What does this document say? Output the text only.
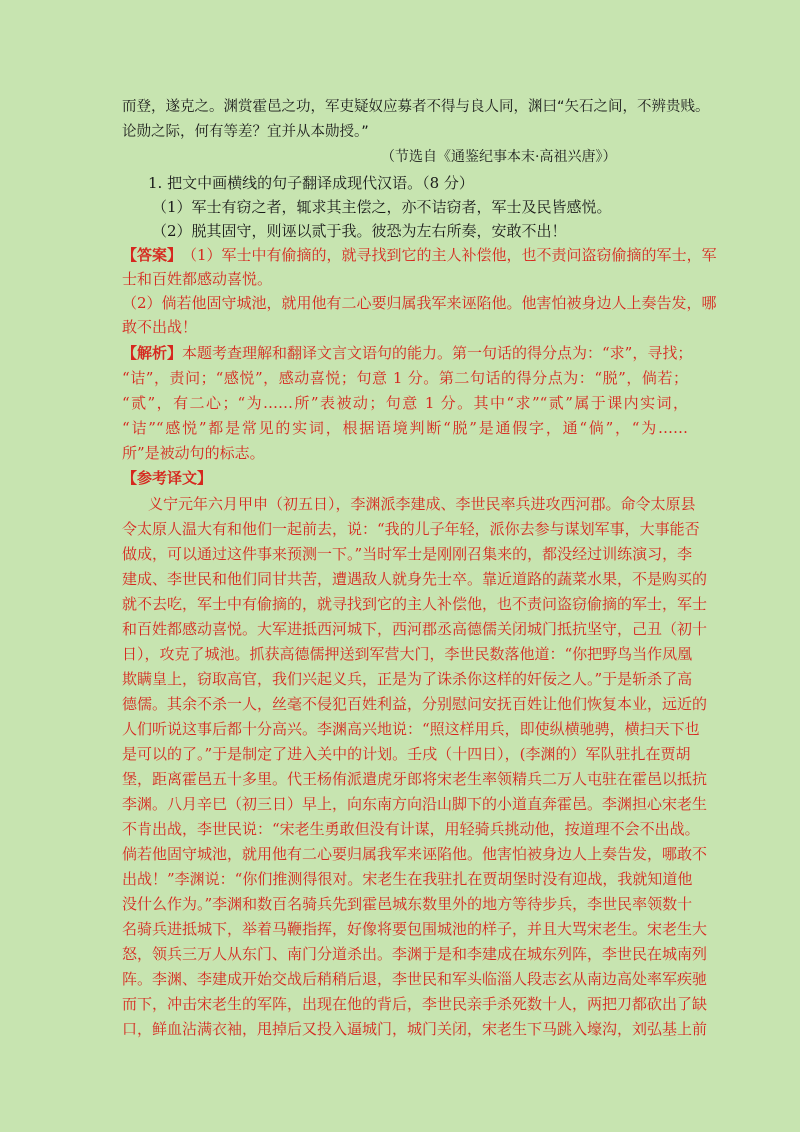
而登，遂克之。渊赏霍邑之功，军吏疑奴应募者不得与良人同，渊曰“矢石之间，不辨贵贱。
论勋之际，何有等差？宜并从本勋授。”
（节选自《通鉴纪事本末·高祖兴唐》）
1. 把文中画横线的句子翻译成现代汉语。（8 分）
（1）军士有窃之者，辄求其主偿之，亦不诘窃者，军士及民皆感悦。
（2）脱其固守，则诬以贰于我。彼恐为左右所奏，安敢不出！
【答案】 （1）军士中有偷摘的，就寻找到它的主人补偿他，也不责问盗窃偷摘的军士，军
士和百姓都感动喜悦。
（2）倘若他固守城池，就用他有二心要归属我军来诬陷他。他害怕被身边人上奏告发，哪
敢不出战！
【解析】 本题考查理解和翻译文言文语句的能力。第一句话的得分点为：“求”，寻找；
“诘”，责问；“感悦”，感动喜悦；句意 1 分。第二句话的得分点为：“脱”，倘若；
“贰”，有二心；“为……所”表被动；句意 1 分。其中“求”“贰”属于课内实词，
“诘”“感悦”都是常见的实词，根据语境判断“脱”是通假字，通“倘”，“为……
所”是被动句的标志。
【参考译文】
义宁元年六月甲申（初五日），李渊派李建成、李世民率兵进攻西河郡。命令太原县
令太原人温大有和他们一起前去，说：“我的儿子年轻，派你去参与谋划军事，大事能否
做成，可以通过这件事来预测一下。”当时军士是刚刚召集来的，都没经过训练演习，李
建成、李世民和他们同甘共苦，遭遇敌人就身先士卒。靠近道路的蔬菜水果，不是购买的
就不去吃，军士中有偷摘的，就寻找到它的主人补偿他，也不责问盗窃偷摘的军士，军士
和百姓都感动喜悦。大军进抵西河城下，西河郡丞高德儒关闭城门抵抗坚守，己丑（初十
日），攻克了城池。抓获高德儒押送到军营大门，李世民数落他道：“你把野鸟当作凤凰
欺瞒皇上，窃取高官，我们兴起义兵，正是为了诛杀你这样的奸佞之人。”于是斩杀了高
德儒。其余不杀一人，丝毫不侵犯百姓利益，分别慰问安抚百姓让他们恢复本业，远近的
人们听说这事后都十分高兴。李渊高兴地说：“照这样用兵，即使纵横驰骋，横扫天下也
是可以的了。”于是制定了进入关中的计划。壬戌（十四日），(李渊的）军队驻扎在贾胡
堡，距离霍邑五十多里。代王杨侑派遣虎牙郎将宋老生率领精兵二万人屯驻在霍邑以抵抗
李渊。八月辛巳（初三日）早上，向东南方向沿山脚下的小道直奔霍邑。李渊担心宋老生
不肯出战，李世民说：“宋老生勇敢但没有计谋，用轻骑兵挑动他，按道理不会不出战。
倘若他固守城池，就用他有二心要归属我军来诬陷他。他害怕被身边人上奏告发，哪敢不
出战！”李渊说：“你们推测得很对。宋老生在我驻扎在贾胡堡时没有迎战，我就知道他
没什么作为。”李渊和数百名骑兵先到霍邑城东数里外的地方等待步兵，李世民率领数十
名骑兵进抵城下，举着马鞭指挥，好像将要包围城池的样子，并且大骂宋老生。宋老生大
怒，领兵三万人从东门、南门分道杀出。李渊于是和李建成在城东列阵，李世民在城南列
阵。李渊、李建成开始交战后稍稍后退，李世民和军头临淄人段志玄从南边高处率军疾驰
而下，冲击宋老生的军阵，出现在他的背后，李世民亲手杀死数十人，两把刀都砍出了缺
口，鲜血沾满衣袖，甩掉后又投入逼城门，城门关闭，宋老生下马跳入壕沟，刘弘基上前
